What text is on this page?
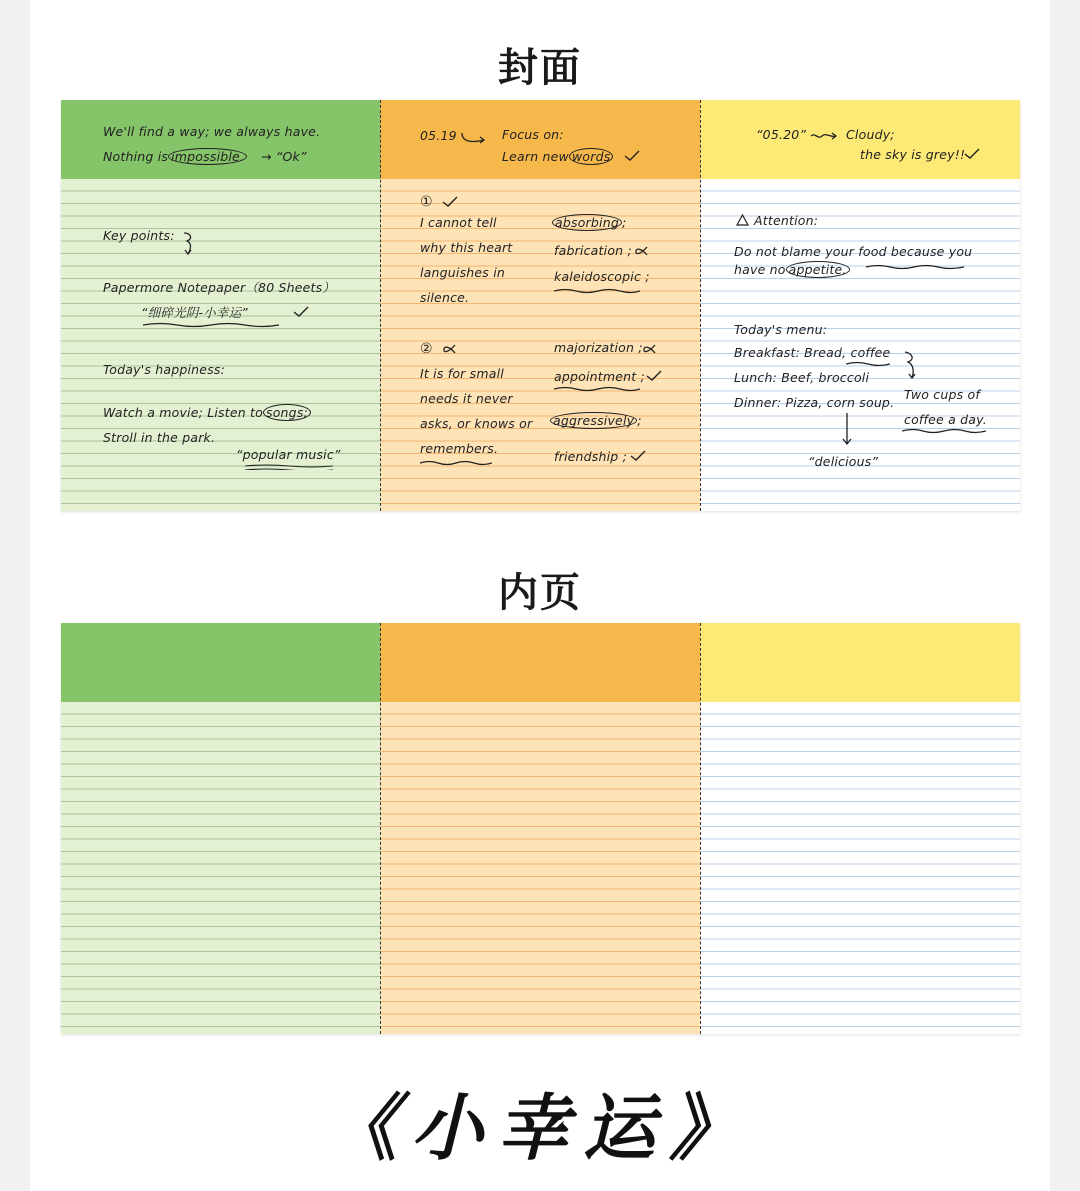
封面
We'll find a way; we always have.
Nothing is impossible. → “Ok”
Key points:
Papermore Notepaper（80 Sheets）
“细碎光阴-小幸运”
Today's happiness:
Watch a movie; Listen to songs;
Stroll in the park.
“popular music”
05.19	Focus on:
Learn new words
①
I cannot tell
why this heart
languishes in
silence.
absorbing ;
fabrication ;
kaleidoscopic ;
②
It is for small
needs it never
asks, or knows or
remembers.
majorization ;
appointment ;
aggressively ;
friendship ;
“05.20”	Cloudy;
the sky is grey!!
Attention:
Do not blame your food because you
have no appetite.
Today's menu:
Breakfast: Bread, coffee
Lunch: Beef, broccoli
Dinner: Pizza, corn soup.
Two cups of
coffee a day.
“delicious”
内页
《小幸运》
